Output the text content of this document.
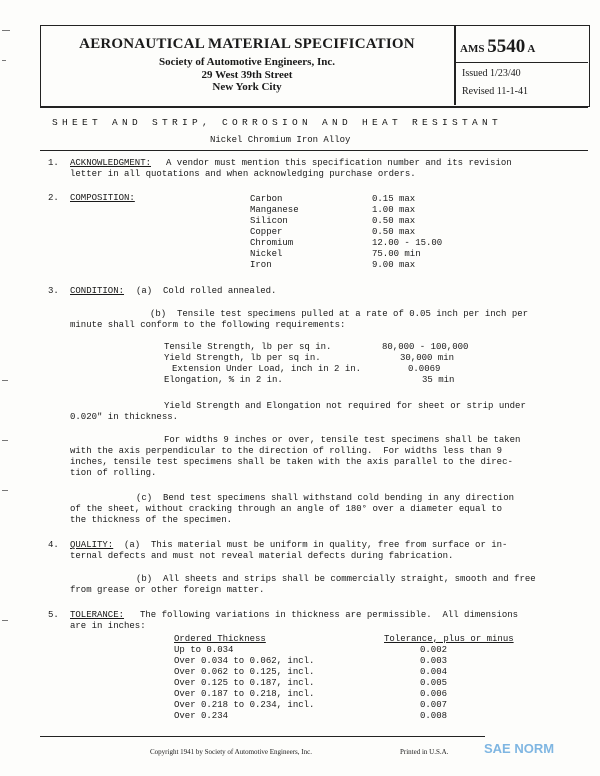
AERONAUTICAL MATERIAL SPECIFICATION
Society of Automotive Engineers, Inc.
29 West 39th Street
New York City
AMS 5540 A
Issued 1/23/40
Revised 11-1-41
SHEET AND STRIP, CORROSION AND HEAT RESISTANT
Nickel Chromium Iron Alloy
1. ACKNOWLEDGMENT: A vendor must mention this specification number and its revision
letter in all quotations and when acknowledging purchase orders.
2. COMPOSITION:	Carbon	0.15 max
Manganese	1.00 max
Silicon	0.50 max
Copper	0.50 max
Chromium	12.00 - 15.00
Nickel	75.00 min
Iron	9.00 max
3. CONDITION: (a)  Cold rolled annealed.
(b)  Tensile test specimens pulled at a rate of 0.05 inch per inch per
minute shall conform to the following requirements:
Tensile Strength, lb per sq in.	80,000 - 100,000
Yield Strength, lb per sq in.	30,000 min
Extension Under Load, inch in 2 in.	0.0069
Elongation, % in 2 in.	35 min
Yield Strength and Elongation not required for sheet or strip under
0.020" in thickness.
For widths 9 inches or over, tensile test specimens shall be taken
with the axis perpendicular to the direction of rolling.  For widths less than 9
inches, tensile test specimens shall be taken with the axis parallel to the direc-
tion of rolling.
(c)  Bend test specimens shall withstand cold bending in any direction
of the sheet, without cracking through an angle of 180° over a diameter equal to
the thickness of the specimen.
4. QUALITY: (a)  This material must be uniform in quality, free from surface or in-
ternal defects and must not reveal material defects during fabrication.
(b)  All sheets and strips shall be commercially straight, smooth and free
from grease or other foreign matter.
5. TOLERANCE: The following variations in thickness are permissible.  All dimensions
are in inches:
Ordered Thickness	Tolerance, plus or minus
Up to 0.034	0.002
Over 0.034 to 0.062, incl.	0.003
Over 0.062 to 0.125, incl.	0.004
Over 0.125 to 0.187, incl.	0.005
Over 0.187 to 0.218, incl.	0.006
Over 0.218 to 0.234, incl.	0.007
Over 0.234	0.008
Copyright 1941 by Society of Automotive Engineers, Inc.	Printed in U.S.A.	SAE NORM
